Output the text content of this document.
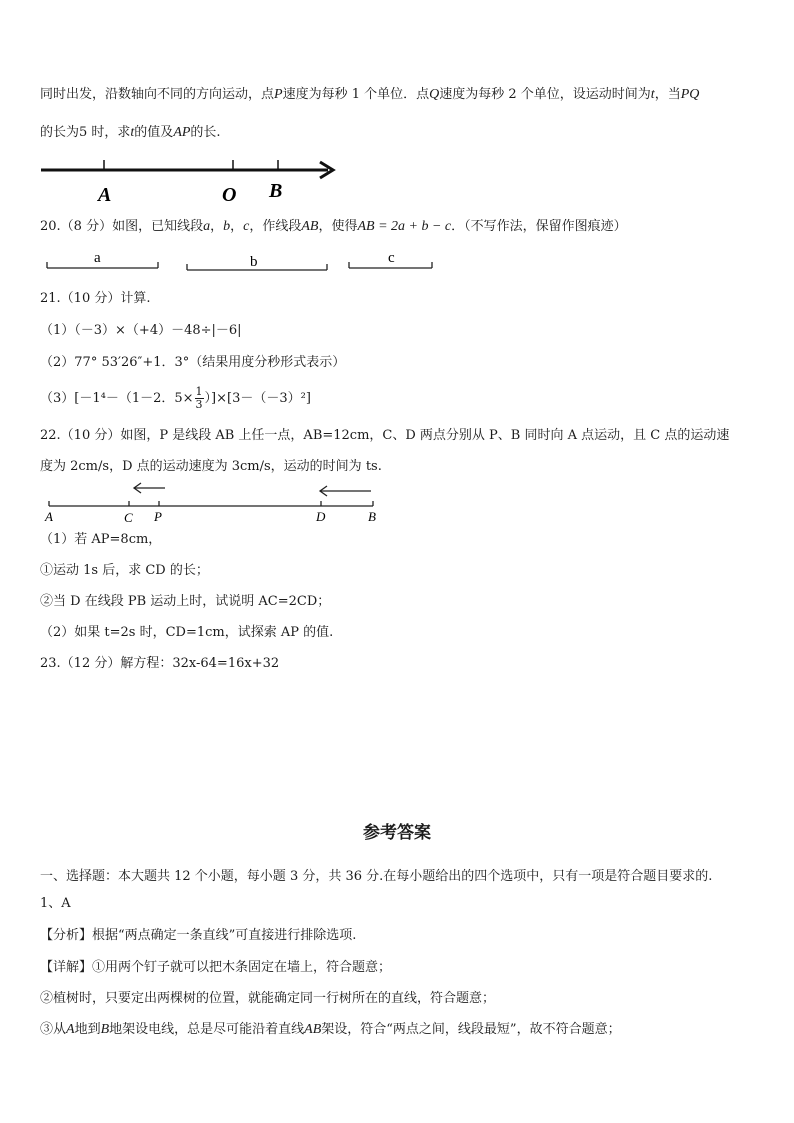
同时出发，沿数轴向不同的方向运动，点P速度为每秒 1 个单位．点Q速度为每秒 2 个单位，设运动时间为t，当PQ
的长为5 时，求t的值及AP的长.
A	O B
20.（8 分）如图，已知线段a，b，c，作线段AB，使得AB = 2a + b − c．（不写作法，保留作图痕迹）
a	b	c
21.（10 分）计算.
（1）（－3）×（+4）－48÷|－6|
（2）77° 53′26″+1．3°（结果用度分秒形式表示）
（3）[－1⁴－（1－2．$5\times \frac{1}{3} )]\times[3-(-3)^2]$
22.（10 分）如图，P 是线段 AB 上任一点，AB=12cm，C、D 两点分别从 P、B 同时向 A 点运动，且 C 点的运动速
度为 2cm/s，D 点的运动速度为 3cm/s，运动的时间为 ts.
A	C P	D	B
（1）若 AP=8cm，
①运动 1s 后，求 CD 的长；
②当 D 在线段 PB 运动上时，试说明 AC=2CD；
（2）如果 t=2s 时，CD=1cm，试探索 AP 的值.
23.（12 分）解方程：32x-64=16x+32
参考答案
一、选择题：本大题共 12 个小题，每小题 3 分，共 36 分.在每小题给出的四个选项中，只有一项是符合题目要求的.
1、A
【分析】根据“两点确定一条直线”可直接进行排除选项.
【详解】①用两个钉子就可以把木条固定在墙上，符合题意；
②植树时，只要定出两棵树的位置，就能确定同一行树所在的直线，符合题意；
③从A地到B地架设电线，总是尽可能沿着直线AB架设，符合“两点之间，线段最短”，故不符合题意；
